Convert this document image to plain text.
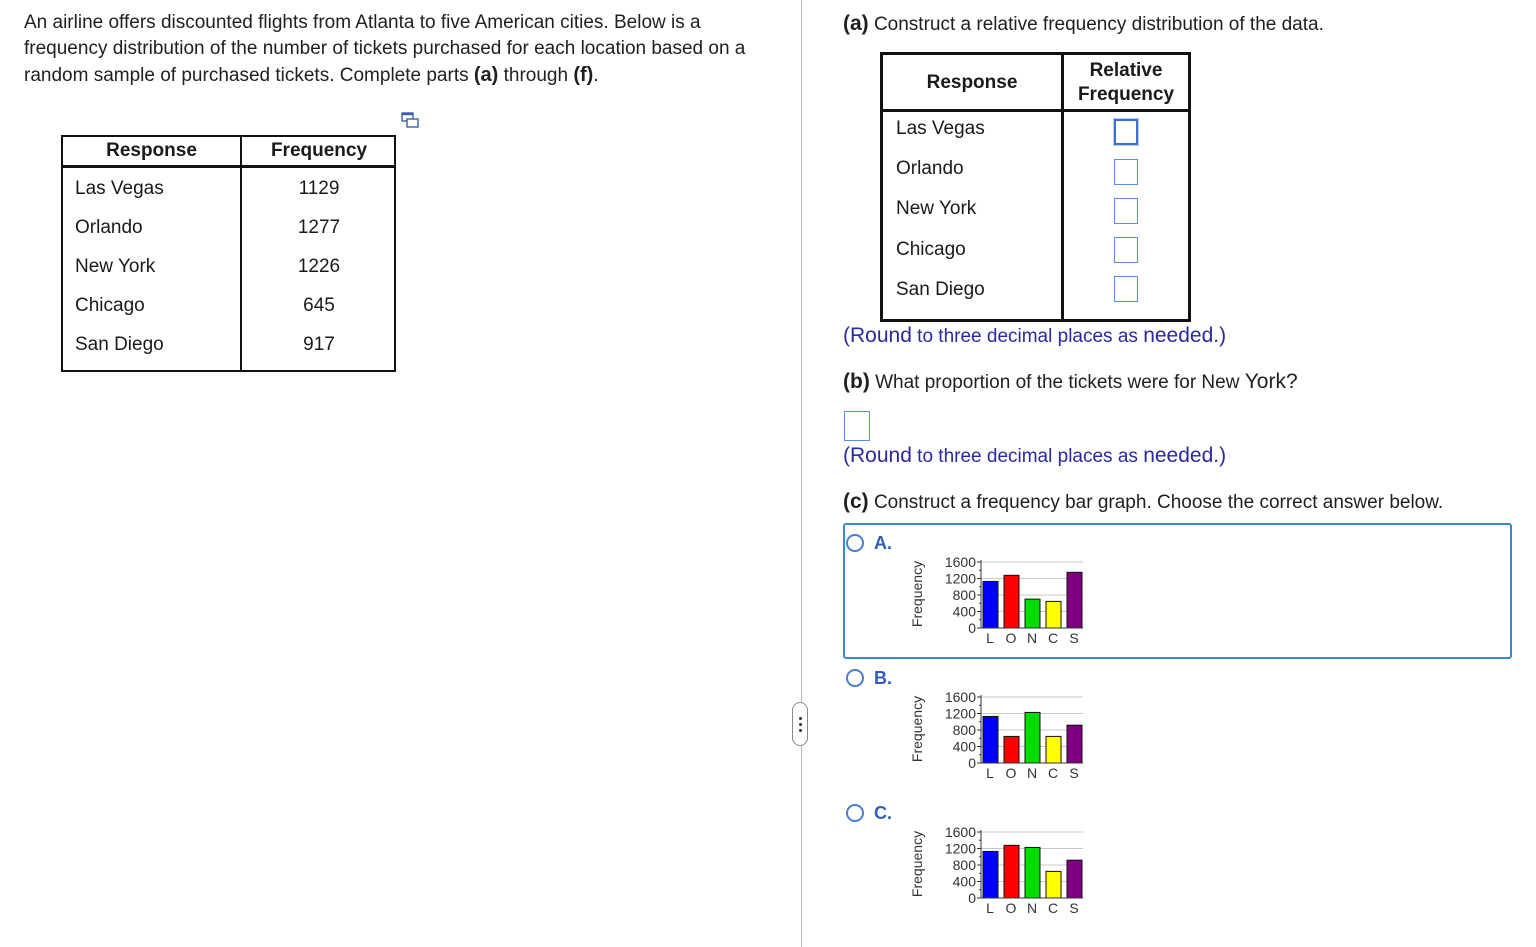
An airline offers discounted flights from Atlanta to five American cities. Below is a frequency distribution of the number of tickets purchased for each location based on a random sample of purchased tickets. Complete parts (a) through (f).
Response	Frequency
Las Vegas	1129
Orlando	1277
New York	1226
Chicago	645
San Diego	917
(a) Construct a relative frequency distribution of the data.
Response
Relative
Frequency
Las Vegas
Orlando
New York
Chicago
San Diego
(Round to three decimal places as needed.)
(b) What proportion of the tickets were for New York?
(Round to three decimal places as needed.)
(c) Construct a frequency bar graph. Choose the correct answer below.
A.
Frequency 1600
1200
800
400
0
L O N C S
B.
Frequency 1600
1200
800
400
0
L O N C S
C.
Frequency 1600
1200
800
400
0
L O N C S
